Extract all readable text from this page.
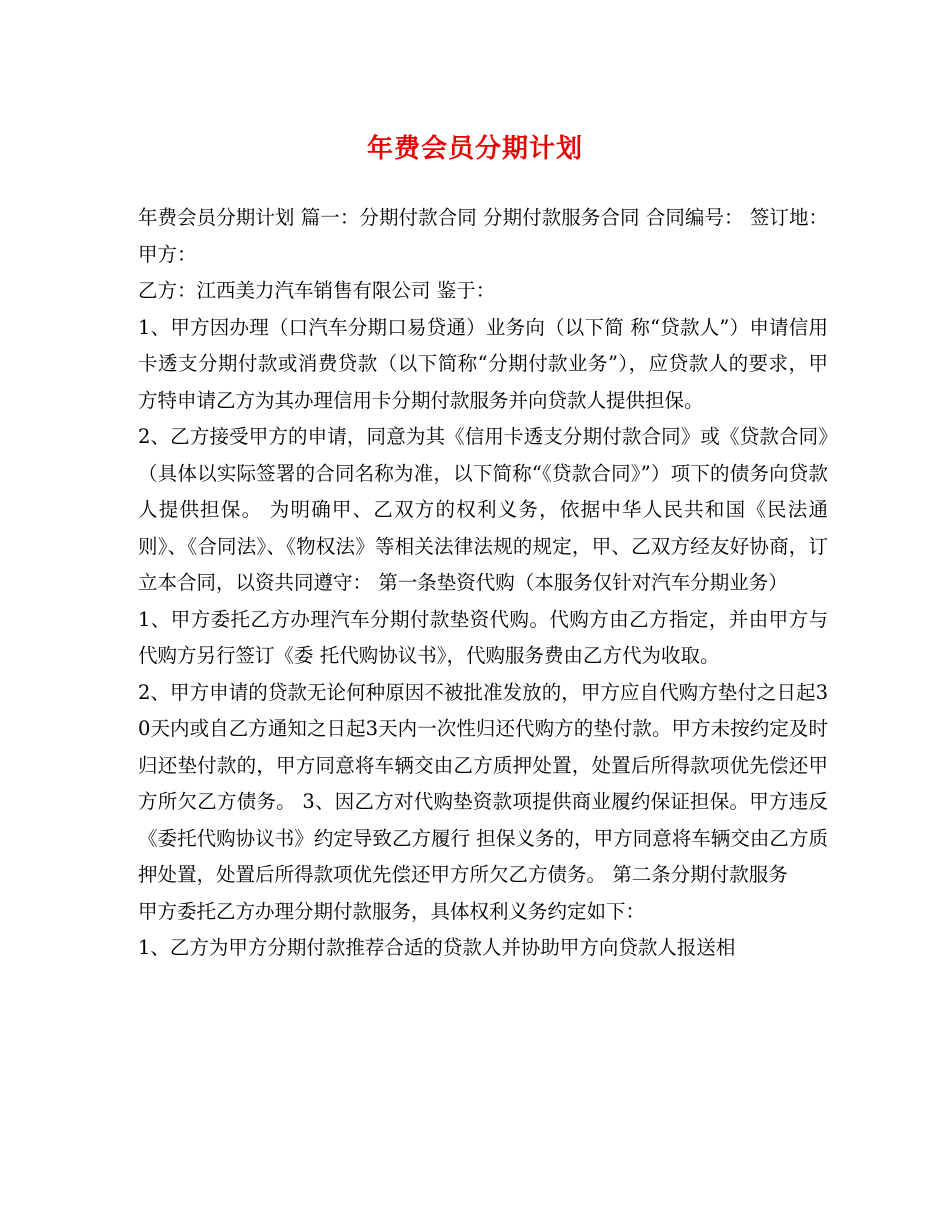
年费会员分期计划

年费会员分期计划 篇一：分期付款合同 分期付款服务合同 合同编号： 签订地： 甲方：

乙方：江西美力汽车销售有限公司 鉴于：

1、甲方因办理（口汽车分期口易贷通）业务向（以下简 称“贷款人”）申请信用卡透支分期付款或消费贷款（以下简称“分期付款业务”），应贷款人的要求，甲方特申请乙方为其办理信用卡分期付款服务并向贷款人提供担保。

2、乙方接受甲方的申请，同意为其《信用卡透支分期付款合同》或《贷款合同》（具体以实际签署的合同名称为准，以下简称“《贷款合同》”）项下的债务向贷款人提供担保。 为明确甲、乙双方的权利义务，依据中华人民共和国《民法通则》、《合同法》、《物权法》等相关法律法规的规定，甲、乙双方经友好协商，订立本合同，以资共同遵守： 第一条垫资代购（本服务仅针对汽车分期业务）

1、甲方委托乙方办理汽车分期付款垫资代购。代购方由乙方指定，并由甲方与代购方另行签订《委 托代购协议书》，代购服务费由乙方代为收取。

2、甲方申请的贷款无论何种原因不被批准发放的，甲方应自代购方垫付之日起30天内或自乙方通知之日起3天内一次性归还代购方的垫付款。甲方未按约定及时归还垫付款的，甲方同意将车辆交由乙方质押处置，处置后所得款项优先偿还甲方所欠乙方债务。 3、因乙方对代购垫资款项提供商业履约保证担保。甲方违反《委托代购协议书》约定导致乙方履行 担保义务的，甲方同意将车辆交由乙方质押处置，处置后所得款项优先偿还甲方所欠乙方债务。 第二条分期付款服务

甲方委托乙方办理分期付款服务，具体权利义务约定如下：

1、乙方为甲方分期付款推荐合适的贷款人并协助甲方向贷款人报送相
